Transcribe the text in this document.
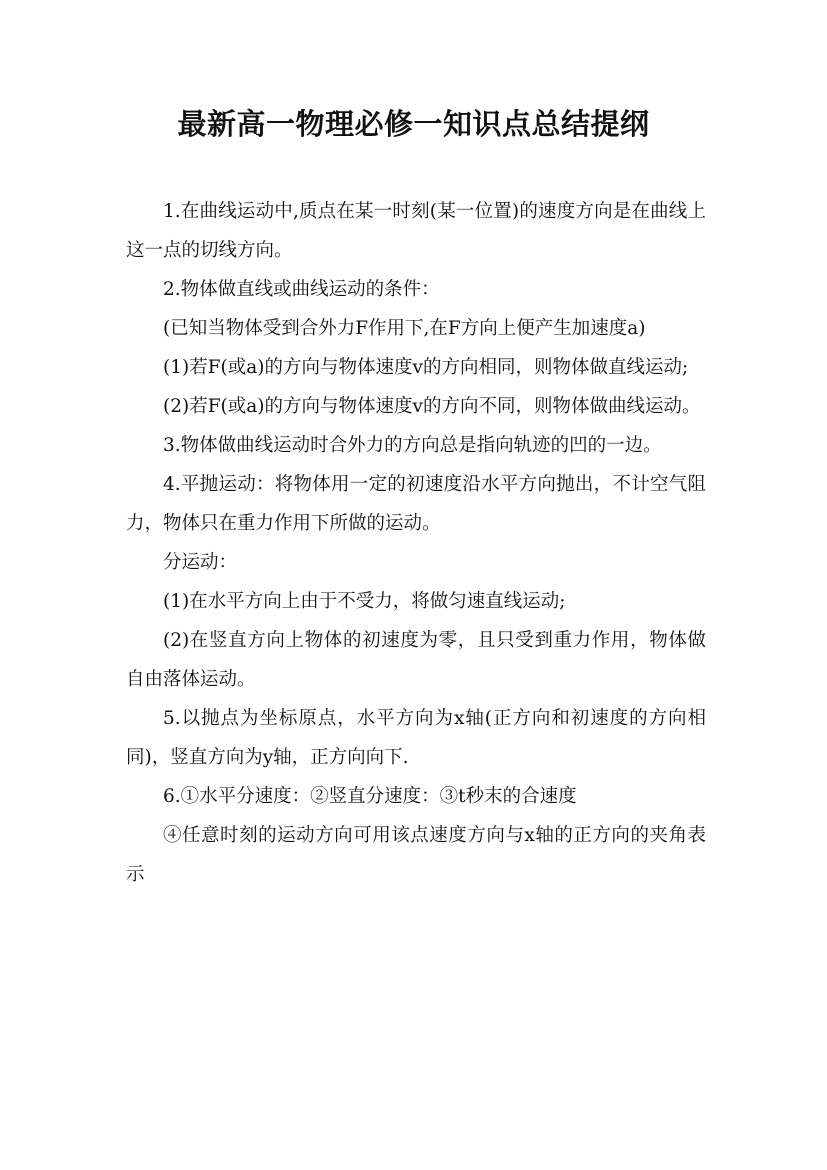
最新高一物理必修一知识点总结提纲

1.在曲线运动中,质点在某一时刻(某一位置)的速度方向是在曲线上这一点的切线方向。

2.物体做直线或曲线运动的条件：

(已知当物体受到合外力F作用下,在F方向上便产生加速度a)

(1)若F(或a)的方向与物体速度v的方向相同，则物体做直线运动;

(2)若F(或a)的方向与物体速度v的方向不同，则物体做曲线运动。

3.物体做曲线运动时合外力的方向总是指向轨迹的凹的一边。

4.平抛运动：将物体用一定的初速度沿水平方向抛出，不计空气阻力，物体只在重力作用下所做的运动。

分运动：

(1)在水平方向上由于不受力，将做匀速直线运动;

(2)在竖直方向上物体的初速度为零，且只受到重力作用，物体做自由落体运动。

5.以抛点为坐标原点，水平方向为x轴(正方向和初速度的方向相同)，竖直方向为y轴，正方向向下.

6.①水平分速度：②竖直分速度：③t秒末的合速度

④任意时刻的运动方向可用该点速度方向与x轴的正方向的夹角表示
